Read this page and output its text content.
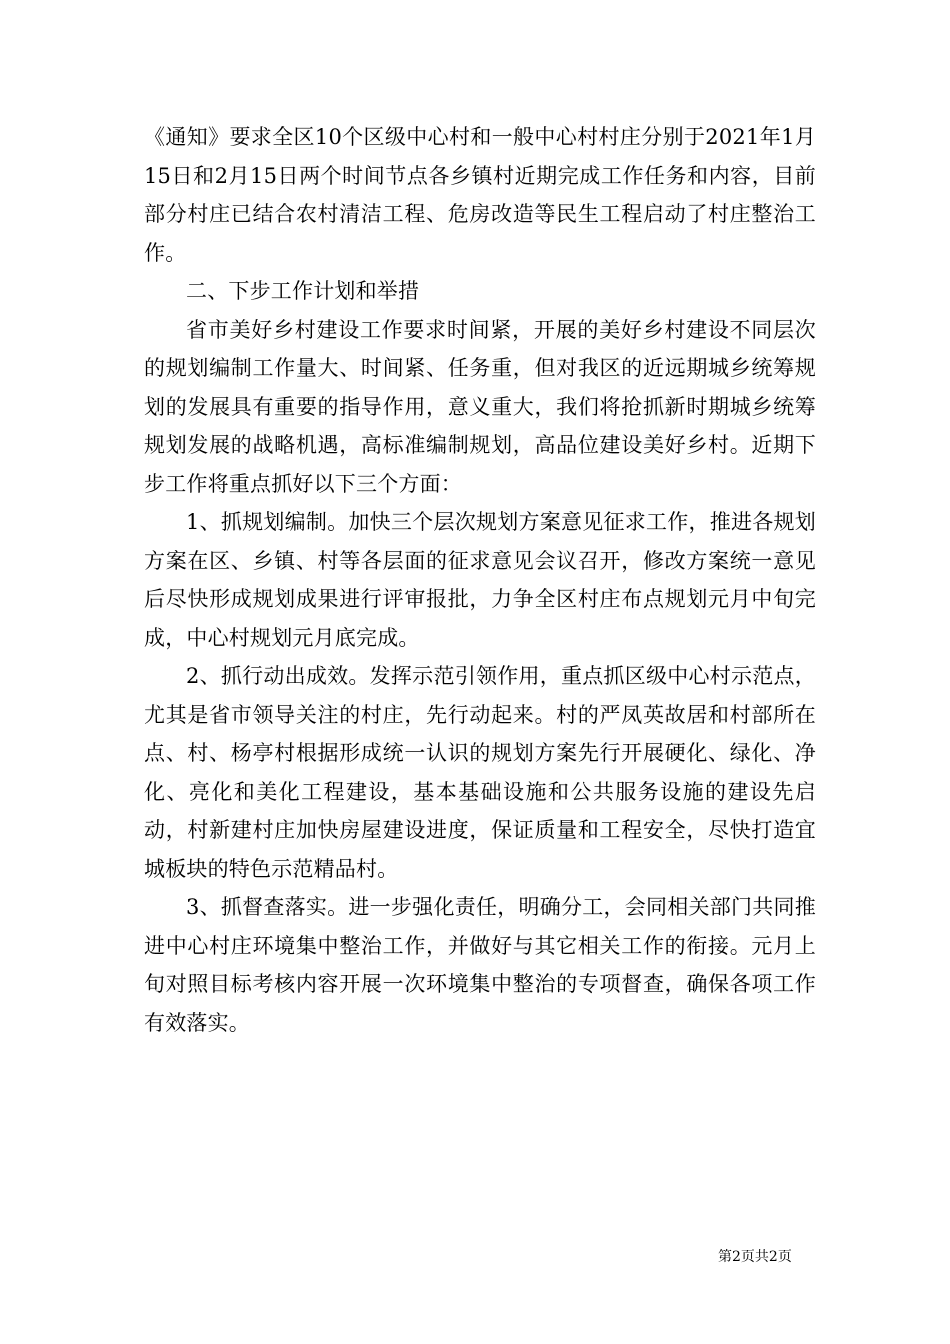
《通知》要求全区10个区级中心村和一般中心村村庄分别于2021年1月15日和2月15日两个时间节点各乡镇村近期完成工作任务和内容，目前部分村庄已结合农村清洁工程、危房改造等民生工程启动了村庄整治工作。

二、下步工作计划和举措

省市美好乡村建设工作要求时间紧，开展的美好乡村建设不同层次的规划编制工作量大、时间紧、任务重，但对我区的近远期城乡统筹规划的发展具有重要的指导作用，意义重大，我们将抢抓新时期城乡统筹规划发展的战略机遇，高标准编制规划，高品位建设美好乡村。近期下步工作将重点抓好以下三个方面：

1、抓规划编制。加快三个层次规划方案意见征求工作，推进各规划方案在区、乡镇、村等各层面的征求意见会议召开，修改方案统一意见后尽快形成规划成果进行评审报批，力争全区村庄布点规划元月中旬完成，中心村规划元月底完成。

2、抓行动出成效。发挥示范引领作用，重点抓区级中心村示范点，尤其是省市领导关注的村庄，先行动起来。村的严凤英故居和村部所在点、村、杨亭村根据形成统一认识的规划方案先行开展硬化、绿化、净化、亮化和美化工程建设，基本基础设施和公共服务设施的建设先启动，村新建村庄加快房屋建设进度，保证质量和工程安全，尽快打造宜城板块的特色示范精品村。

3、抓督查落实。进一步强化责任，明确分工，会同相关部门共同推进中心村庄环境集中整治工作，并做好与其它相关工作的衔接。元月上旬对照目标考核内容开展一次环境集中整治的专项督查，确保各项工作有效落实。

第2页共2页
